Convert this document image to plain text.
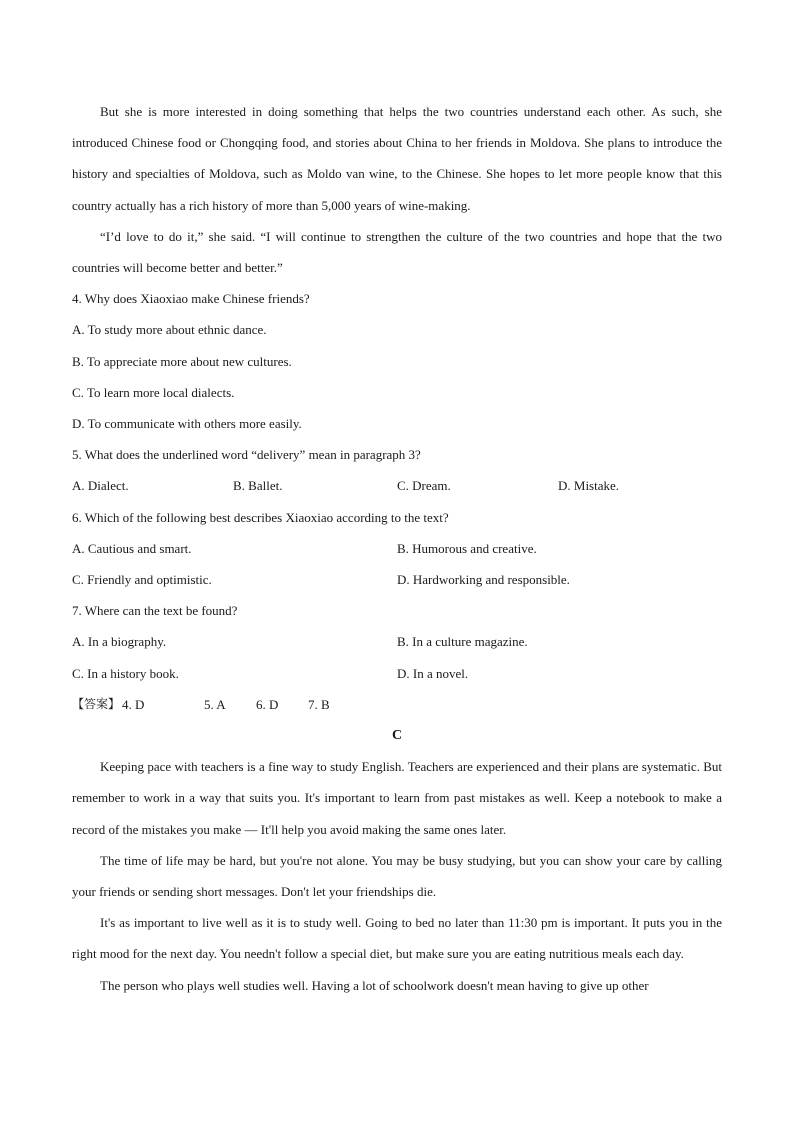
But she is more interested in doing something that helps the two countries understand each other. As such, she introduced Chinese food or Chongqing food, and stories about China to her friends in Moldova. She plans to introduce the history and specialties of Moldova, such as Moldo van wine, to the Chinese. She hopes to let more people know that this country actually has a rich history of more than 5,000 years of wine-making.

“I’d love to do it,” she said. “I will continue to strengthen the culture of the two countries and hope that the two countries will become better and better.”

4. Why does Xiaoxiao make Chinese friends?

A. To study more about ethnic dance.

B. To appreciate more about new cultures.

C. To learn more local dialects.

D. To communicate with others more easily.

5. What does the underlined word “delivery” mean in paragraph 3?

A. Dialect.	B. Ballet.	C. Dream.	D. Mistake.

6. Which of the following best describes Xiaoxiao according to the text?

A. Cautious and smart.	B. Humorous and creative.
C. Friendly and optimistic.	D. Hardworking and responsible.

7. Where can the text be found?

A. In a biography.	B. In a culture magazine.
C. In a history book.	D. In a novel.
【答案】 4. D	5. A	6. D	7. B

C

Keeping pace with teachers is a fine way to study English. Teachers are experienced and their plans are systematic. But remember to work in a way that suits you. It's important to learn from past mistakes as well. Keep a notebook to make a record of the mistakes you make — It'll help you avoid making the same ones later.

The time of life may be hard, but you're not alone. You may be busy studying, but you can show your care by calling your friends or sending short messages. Don't let your friendships die.

It's as important to live well as it is to study well. Going to bed no later than 11:30 pm is important. It puts you in the right mood for the next day. You needn't follow a special diet, but make sure you are eating nutritious meals each day.

The person who plays well studies well. Having a lot of schoolwork doesn't mean having to give up other
